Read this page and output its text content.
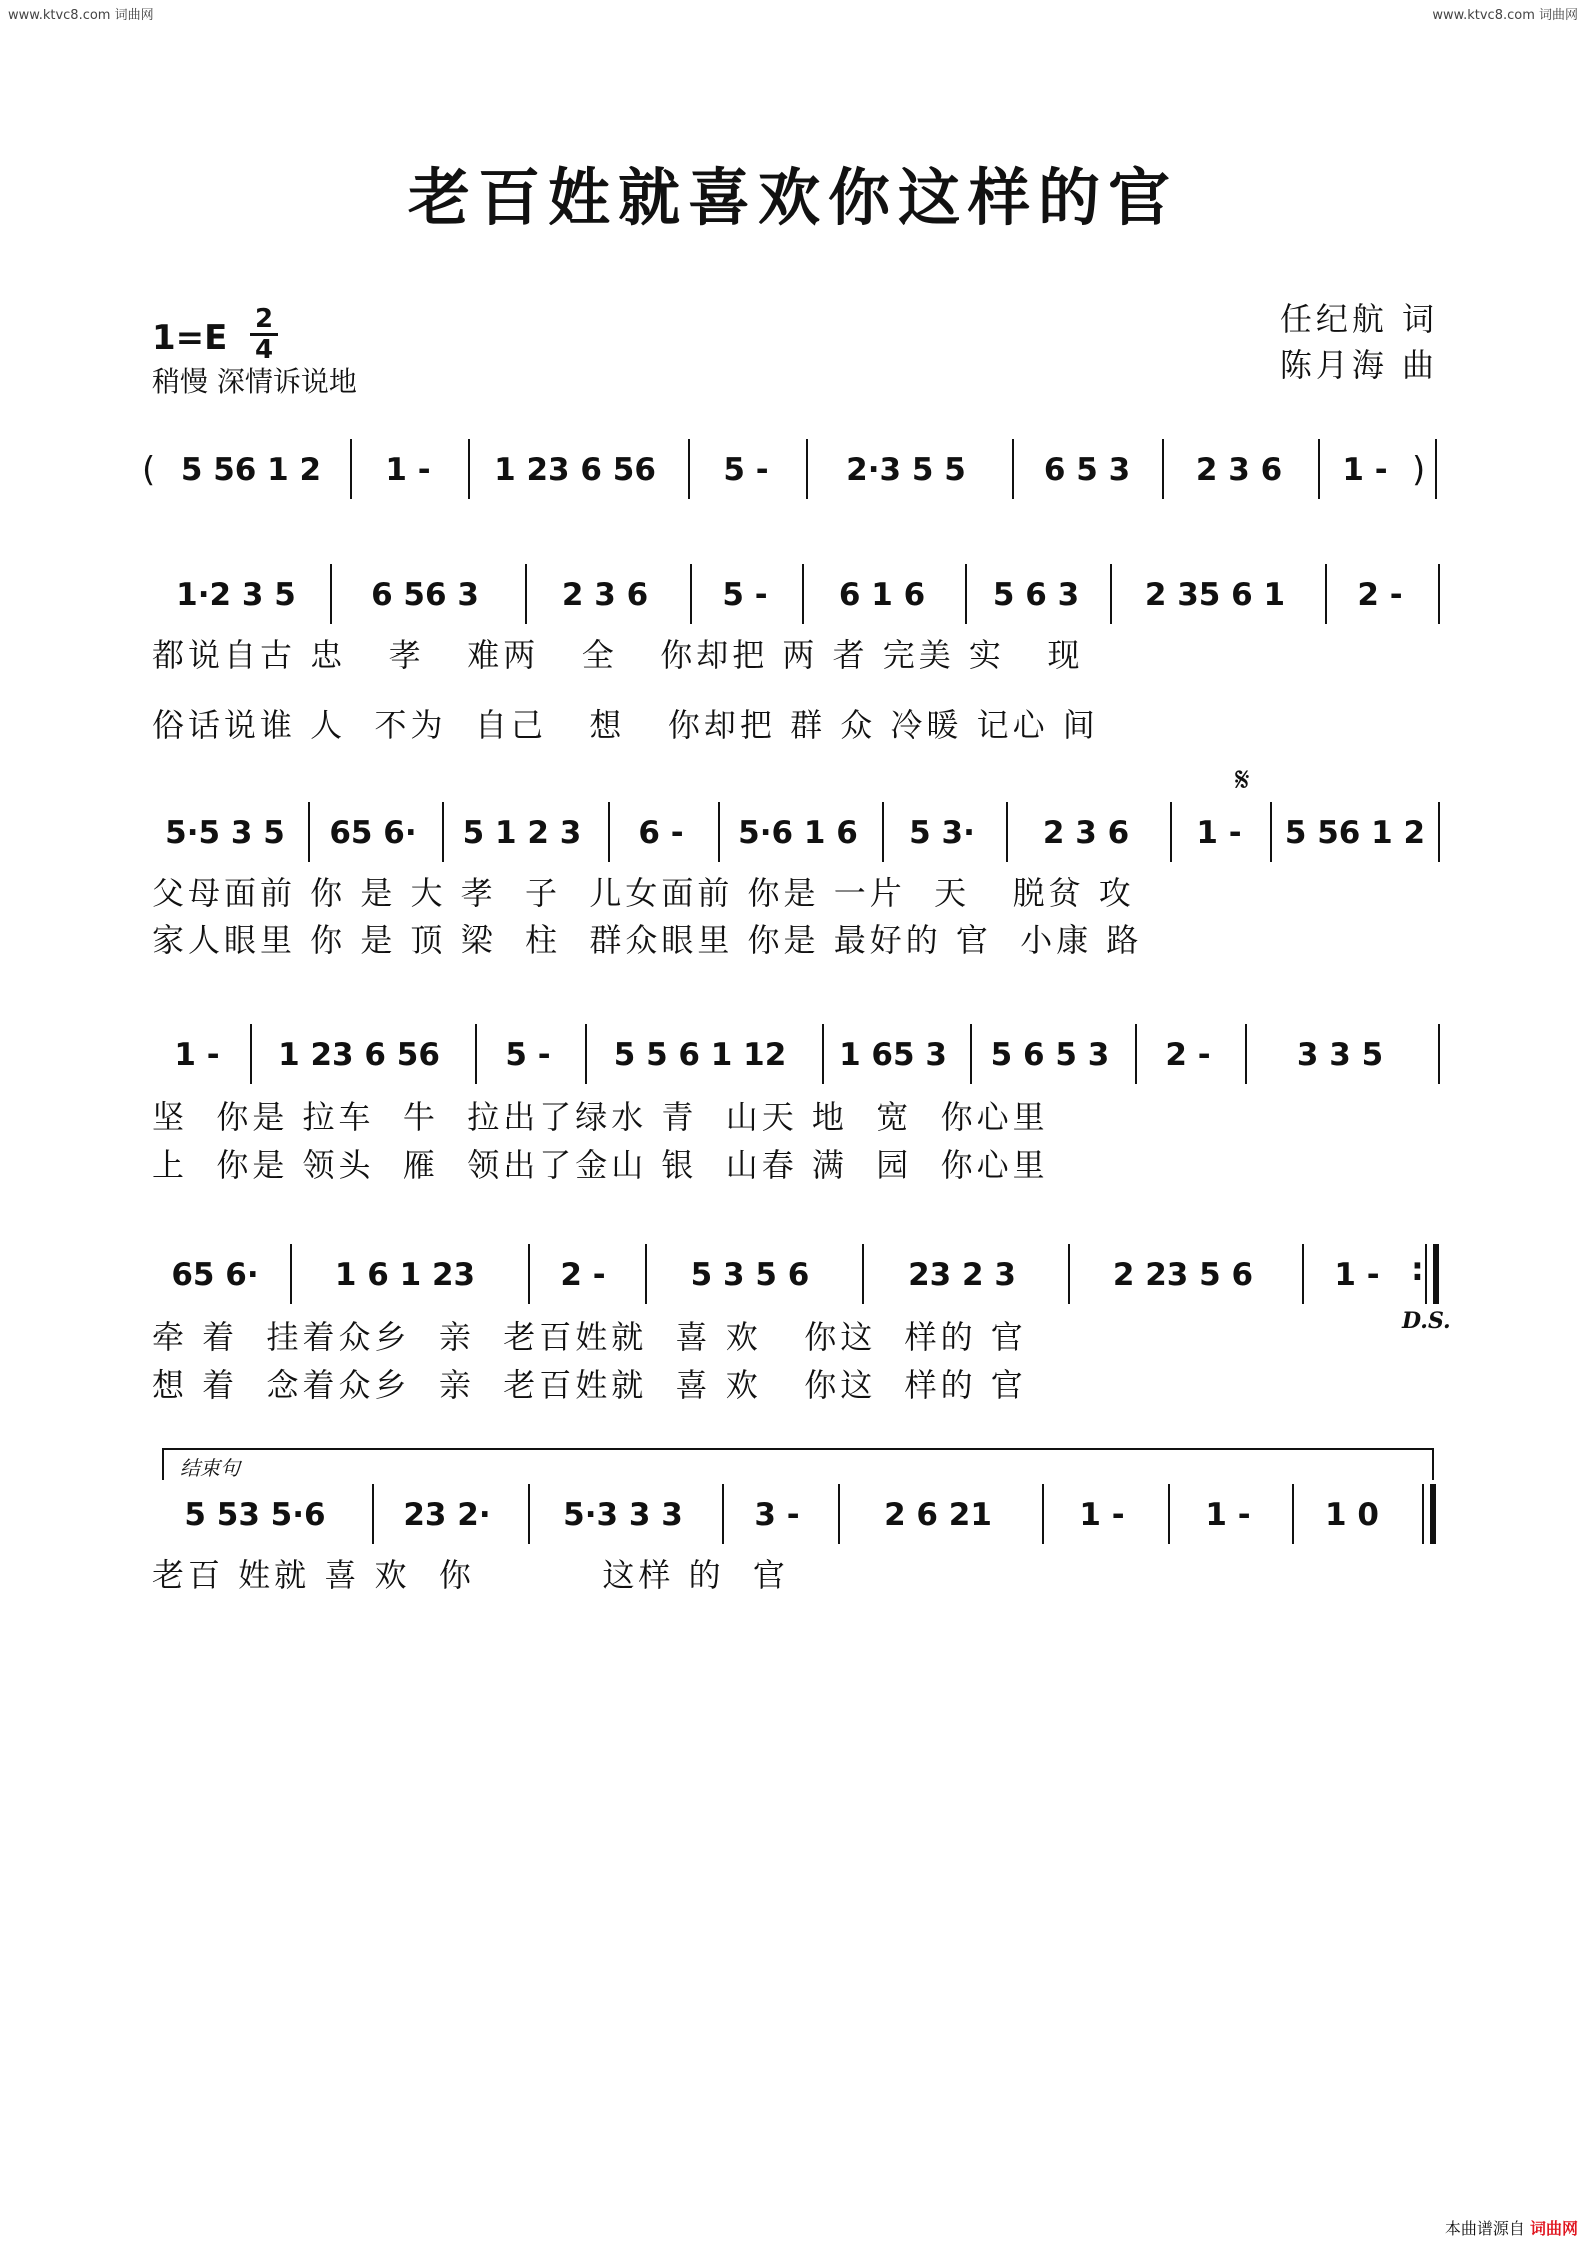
www.ktvc8.com 词曲网	www.ktvc8.com 词曲网
老百姓就喜欢你这样的官
1=E 2
4
稍慢 深情诉说地
任纪航 词
陈月海 曲
( 5 56 1 2	1 -	1 23 6 56	5 -	2·3 5 5	6 5 3	2 3 6	1 - )
1·2 3 5	6 56 3	2 3 6	5 -	6 1 6	5 6 3	2 35 6 1	2 -
都说自古 忠   孝   难两   全   你却把 两 者 完美 实   现
俗话说谁 人  不为  自己   想   你却把 群 众 冷暖 记心 间
5·5 3 5	65 6·	5 1 2 3	6 -	5·6 1 6	5 3·	2 3 6	1 -	5 56 1 2
𝄋
父母面前 你 是 大 孝  子  儿女面前 你是 一片  天   脱贫 攻
家人眼里 你 是 顶 梁  柱  群众眼里 你是 最好的 官  小康 路
1 -	1 23 6 56	5 -	5 5 6 1 12	1 65 3	5 6 5 3	2 -	3 3 5
坚  你是 拉车  牛  拉出了绿水 青  山天 地  宽  你心里
上  你是 领头  雁  领出了金山 银  山春 满  园  你心里
65 6·	1 6 1 23	2 -	5 3 5 6	23 2 3	2 23 5 6	1 -
:
牵 着  挂着众乡  亲  老百姓就  喜 欢   你这  样的 官
想 着  念着众乡  亲  老百姓就  喜 欢   你这  样的 官
D.S.
结束句
5 53 5·6	23 2·	5·3 3 3	3 -	2 6 21	1 -	1 -	1 0
老百 姓就 喜 欢  你         这样 的  官
本曲谱源自 词曲网
